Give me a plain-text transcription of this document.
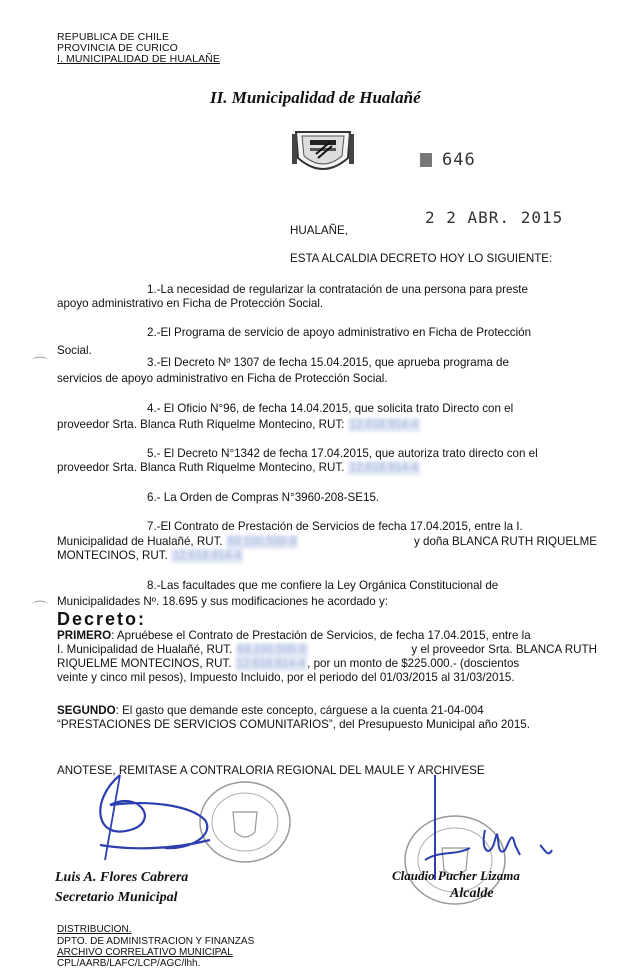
REPUBLICA DE CHILE
PROVINCIA DE CURICO
I. MUNICIPALIDAD DE HUALAÑE
II. Municipalidad de Hualañé
646
HUALAÑE,
2 2 ABR. 2015
ESTA ALCALDIA DECRETO HOY LO SIGUIENTE:
1.-La necesidad de regularizar la contratación de una persona para preste
apoyo administrativo en Ficha de Protección Social.
2.-El Programa de servicio de apoyo administrativo en Ficha de Protección
Social.
3.-El Decreto Nº 1307 de fecha 15.04.2015, que aprueba programa de
servicios de apoyo administrativo en Ficha de Protección Social.
4.- El Oficio N°96, de fecha 14.04.2015, que solicita trato Directo con el
proveedor Srta. Blanca Ruth Riquelme Montecino, RUT: 12.618.914-4
5.- El Decreto N°1342 de fecha 17.04.2015, que autoriza trato directo con el
proveedor Srta. Blanca Ruth Riquelme Montecino, RUT. 12.618.914-4
6.- La Orden de Compras N°3960-208-SE15.
7.-El Contrato de Prestación de Servicios de fecha 17.04.2015, entre la I.
Municipalidad de Hualañé, RUT. 69.100.500-9	y doña BLANCA RUTH RIQUELME
MONTECINOS, RUT. 12.618.914-4
8.-Las facultades que me confiere la Ley Orgánica Constitucional de
Municipalidades Nº. 18.695 y sus modificaciones he acordado y:
Decreto:
PRIMERO: Apruébese el Contrato de Prestación de Servicios, de fecha 17.04.2015, entre la
I. Municipalidad de Hualañé, RUT. 69.100.500-9	y el proveedor Srta. BLANCA RUTH
RIQUELME MONTECINOS, RUT. 12.618.914-4 , por un monto de $225.000.- (doscientos
veinte y cinco mil pesos), Impuesto Incluido, por el periodo del 01/03/2015 al 31/03/2015.
SEGUNDO: El gasto que demande este concepto, cárguese a la cuenta 21-04-004
“PRESTACIONES DE SERVICIOS COMUNITARIOS”, del Presupuesto Municipal año 2015.
ANOTESE, REMITASE A CONTRALORIA REGIONAL DEL MAULE Y ARCHIVESE
Luis A. Flores Cabrera
Secretario Municipal
Claudio Pucher Lizama
Alcalde
DISTRIBUCION.
DPTO. DE ADMINISTRACION Y FINANZAS
ARCHIVO CORRELATIVO MUNICIPAL
CPL/AARB/LAFC/LCP/AGC/lhh.
⌒
⌒
